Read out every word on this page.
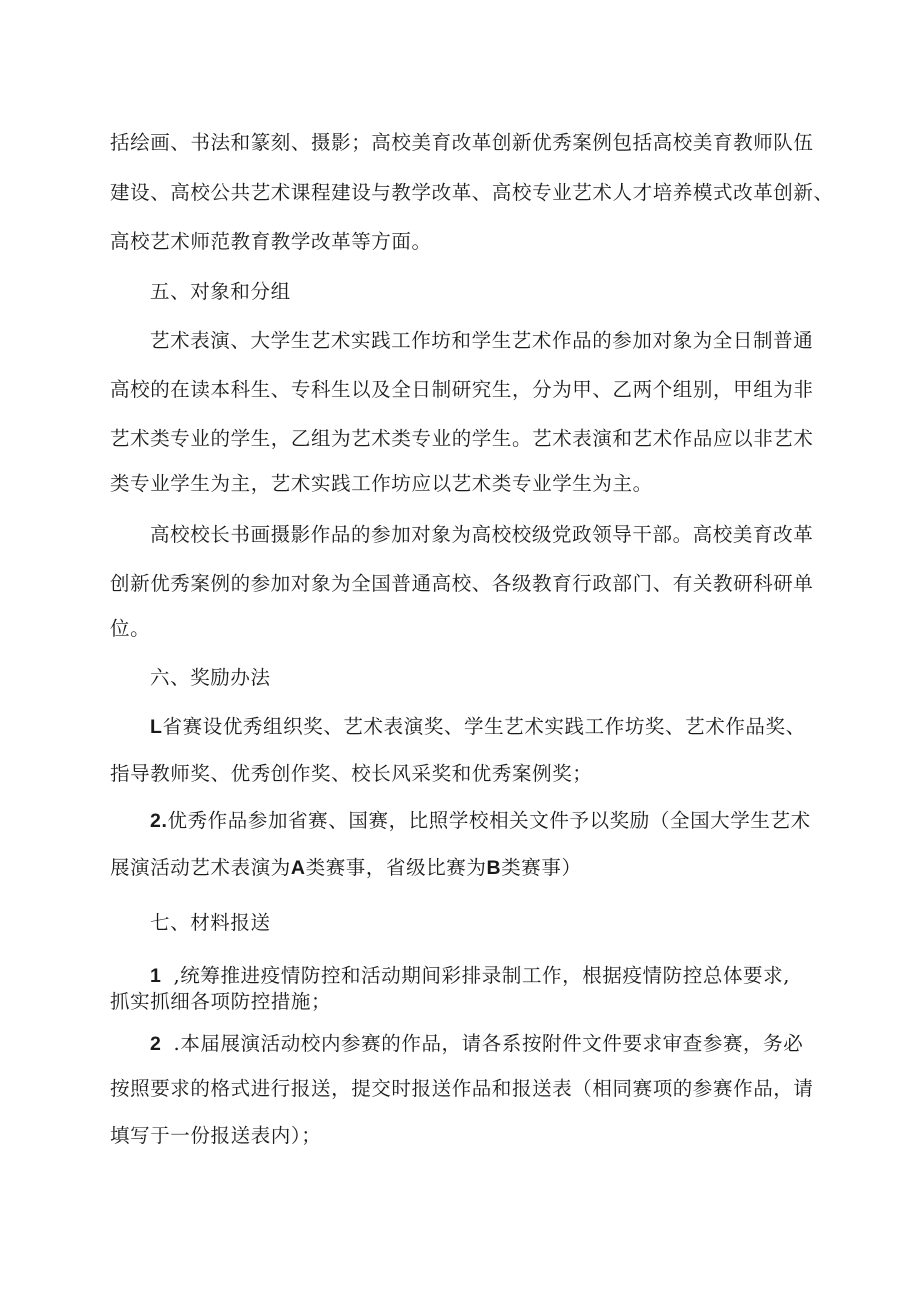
括绘画、书法和篆刻、摄影；高校美育改革创新优秀案例包括高校美育教师队伍
建设、高校公共艺术课程建设与教学改革、高校专业艺术人才培养模式改革创新、
高校艺术师范教育教学改革等方面。
五、对象和分组
艺术表演、大学生艺术实践工作坊和学生艺术作品的参加对象为全日制普通
高校的在读本科生、专科生以及全日制研究生，分为甲、乙两个组别，甲组为非
艺术类专业的学生，乙组为艺术类专业的学生。艺术表演和艺术作品应以非艺术
类专业学生为主，艺术实践工作坊应以艺术类专业学生为主。
高校校长书画摄影作品的参加对象为高校校级党政领导干部。高校美育改革
创新优秀案例的参加对象为全国普通高校、各级教育行政部门、有关教研科研单
位。
六、奖励办法
L省赛设优秀组织奖、艺术表演奖、学生艺术实践工作坊奖、艺术作品奖、
指导教师奖、优秀创作奖、校长风采奖和优秀案例奖；
2.优秀作品参加省赛、国赛，比照学校相关文件予以奖励（全国大学生艺术
展演活动艺术表演为A类赛事，省级比赛为B类赛事）
七、材料报送
1 ,统筹推进疫情防控和活动期间彩排录制工作，根据疫情防控总体要求,
抓实抓细各项防控措施；
2 .本届展演活动校内参赛的作品，请各系按附件文件要求审查参赛，务必
按照要求的格式进行报送，提交时报送作品和报送表（相同赛项的参赛作品，请
填写于一份报送表内）；
